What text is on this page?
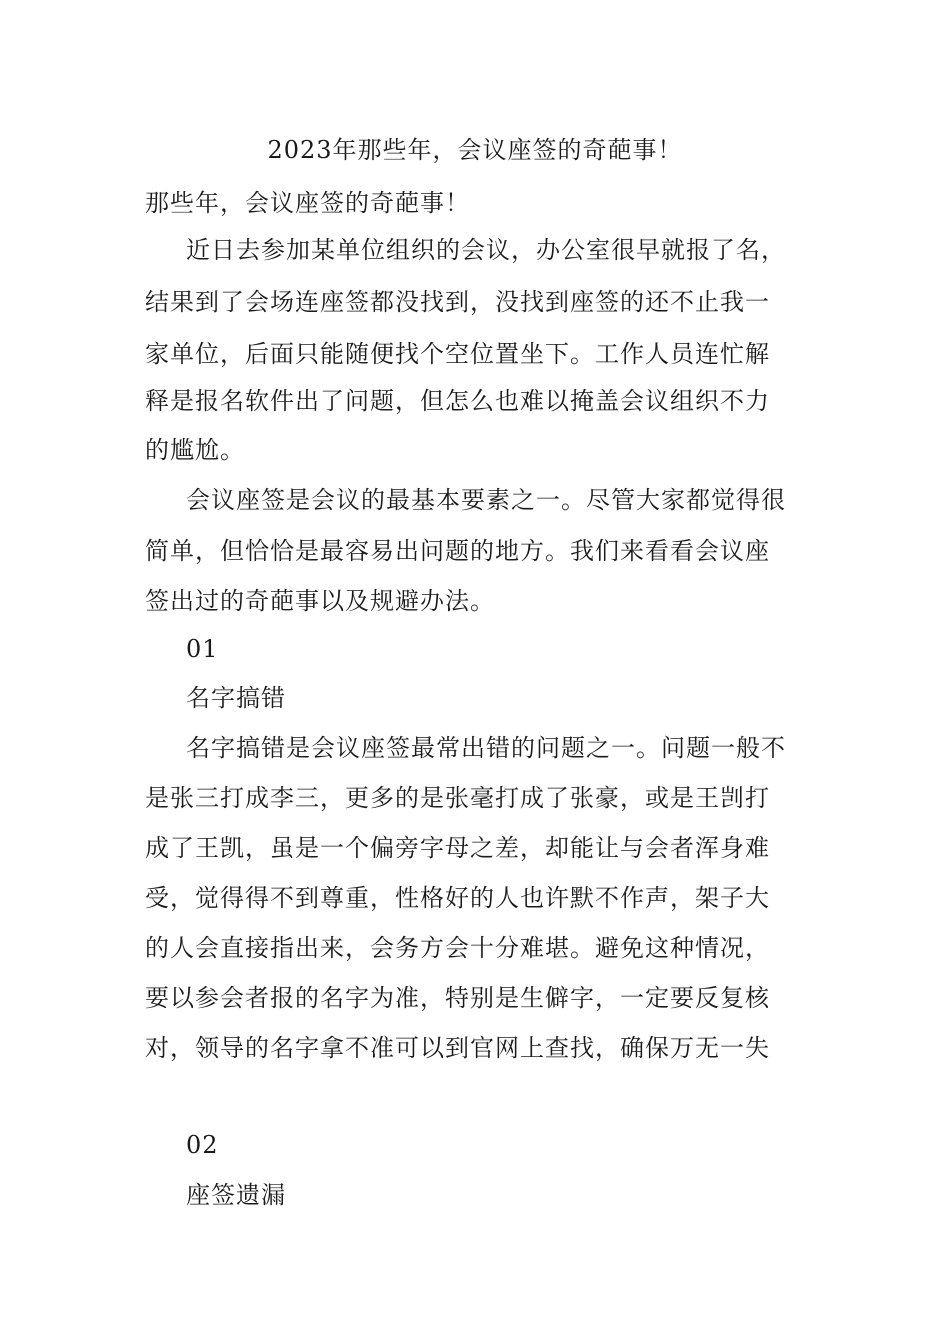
2023年那些年，会议座签的奇葩事！
那些年，会议座签的奇葩事！
近日去参加某单位组织的会议，办公室很早就报了名，
结果到了会场连座签都没找到，没找到座签的还不止我一
家单位，后面只能随便找个空位置坐下。工作人员连忙解
释是报名软件出了问题，但怎么也难以掩盖会议组织不力
的尴尬。
会议座签是会议的最基本要素之一。尽管大家都觉得很
简单，但恰恰是最容易出问题的地方。我们来看看会议座
签出过的奇葩事以及规避办法。
01
名字搞错
名字搞错是会议座签最常出错的问题之一。问题一般不
是张三打成李三，更多的是张毫打成了张豪，或是王剀打
成了王凯，虽是一个偏旁字母之差，却能让与会者浑身难
受，觉得得不到尊重，性格好的人也许默不作声，架子大
的人会直接指出来，会务方会十分难堪。避免这种情况，
要以参会者报的名字为准，特别是生僻字，一定要反复核
对，领导的名字拿不准可以到官网上查找，确保万无一失
02
座签遗漏
